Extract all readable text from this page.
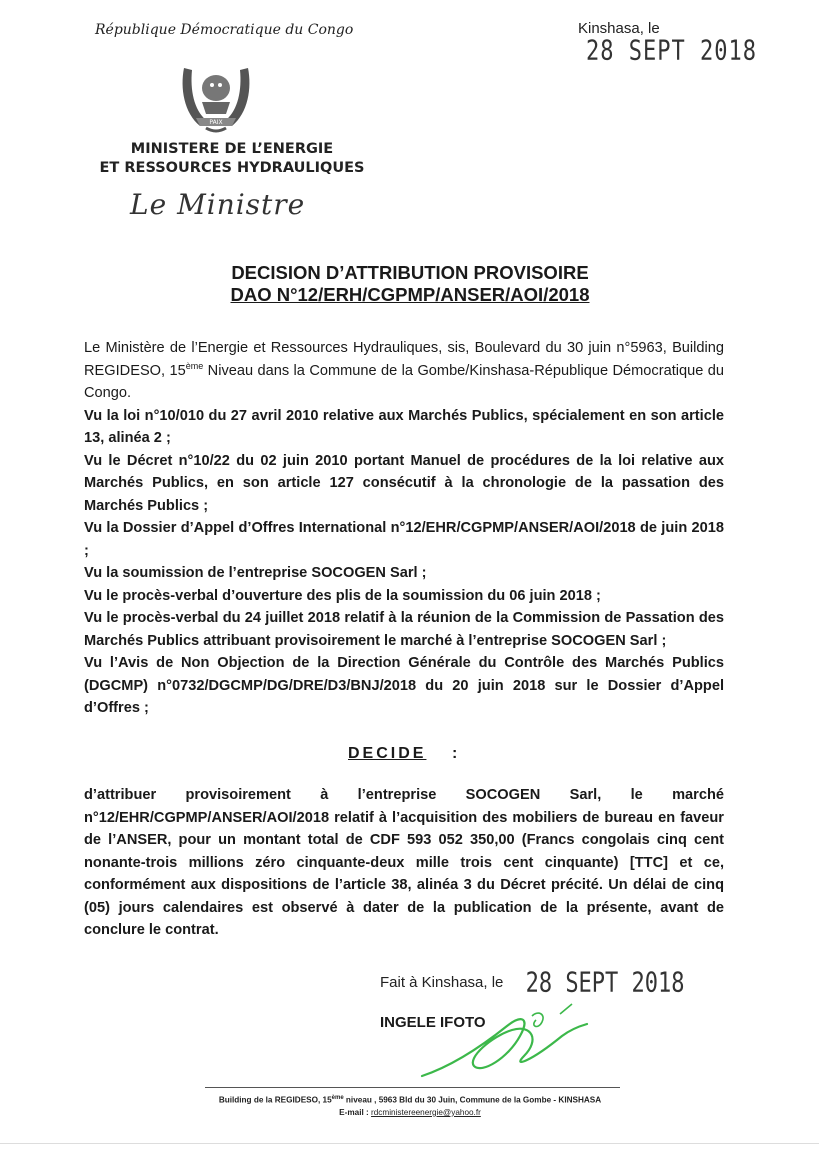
République Démocratique du Congo	Kinshasa, le 28 SEPT 2018
PAIX
MINISTERE DE L’ENERGIE
ET RESSOURCES HYDRAULIQUES
Le Ministre
DECISION D’ATTRIBUTION PROVISOIRE
DAO N°12/ERH/CGPMP/ANSER/AOI/2018

Le Ministère de l’Energie et Ressources Hydrauliques, sis, Boulevard du 30 juin n°5963, Building REGIDESO, 15ème Niveau dans la Commune de la Gombe/Kinshasa-République Démocratique du Congo.

Vu la loi n°10/010 du 27 avril 2010 relative aux Marchés Publics, spécialement en son article 13, alinéa 2 ;

Vu le Décret n°10/22 du 02 juin 2010 portant Manuel de procédures de la loi relative aux Marchés Publics, en son article 127 consécutif à la chronologie de la passation des Marchés Publics ;

Vu la Dossier d’Appel d’Offres International n°12/EHR/CGPMP/ANSER/AOI/2018 de juin 2018 ;

Vu la soumission de l’entreprise SOCOGEN Sarl ;

Vu le procès-verbal d’ouverture des plis de la soumission du 06 juin 2018 ;

Vu le procès-verbal du 24 juillet 2018 relatif à la réunion de la Commission de Passation des Marchés Publics attribuant provisoirement le marché à l’entreprise SOCOGEN Sarl ;

Vu l’Avis de Non Objection de la Direction Générale du Contrôle des Marchés Publics (DGCMP) n°0732/DGCMP/DG/DRE/D3/BNJ/2018 du 20 juin 2018 sur le Dossier d’Appel d’Offres ;

DECIDE :
d’attribuer provisoirement à l’entreprise SOCOGEN Sarl, le marché n°12/EHR/CGPMP/ANSER/AOI/2018 relatif à l’acquisition des mobiliers de bureau en faveur de l’ANSER, pour un montant total de CDF 593 052 350,00 (Francs congolais cinq cent nonante-trois millions zéro cinquante-deux mille trois cent cinquante) [TTC] et ce, conformément aux dispositions de l’article 38, alinéa 3 du Décret précité. Un délai de cinq (05) jours calendaires est observé à dater de la publication de la présente, avant de conclure le contrat.
Fait à Kinshasa, le 28 SEPT 2018
INGELE IFOTO
Building de la REGIDESO, 15ème niveau , 5963 Bld du 30 Juin, Commune de la Gombe - KINSHASA
E-mail : rdcministereenergie@yahoo.fr
